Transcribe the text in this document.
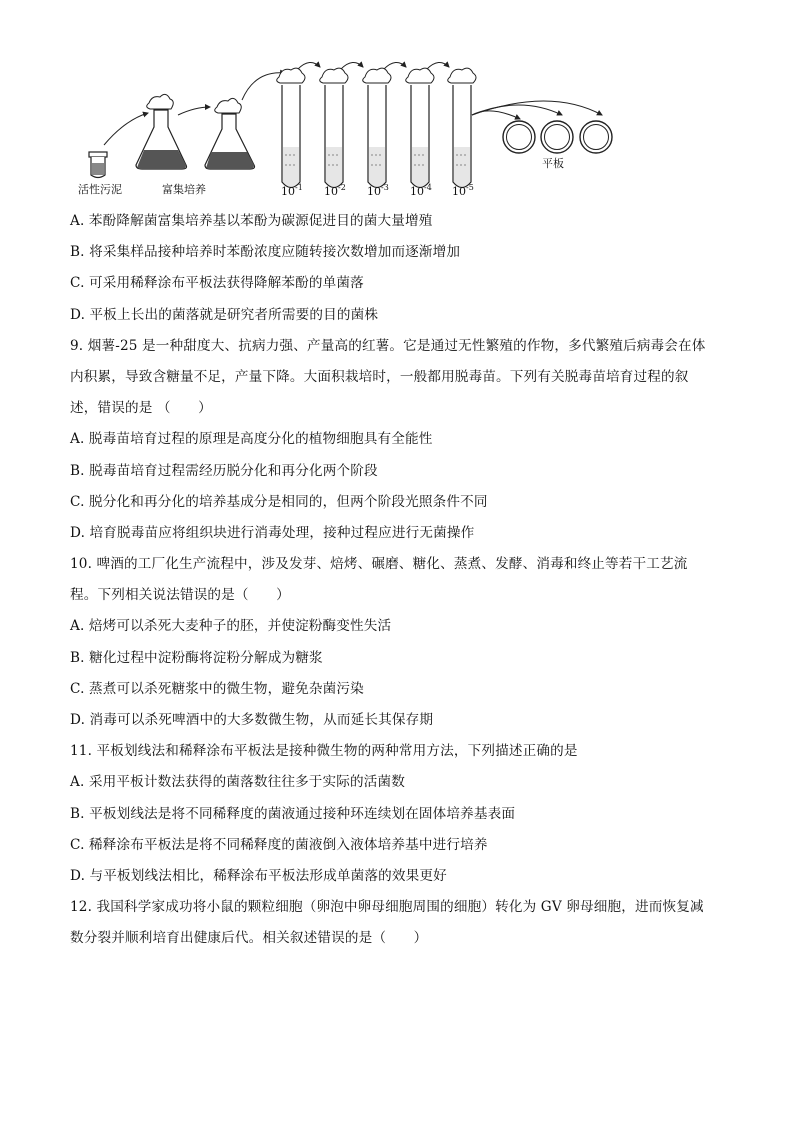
活性污泥	富集培养
平板
$10^{-1}$ $10^{-2}$ $10^{-3}$ $10^{-4}$ $10^{-5}$
A. 苯酚降解菌富集培养基以苯酚为碳源促进目的菌大量增殖
B. 将采集样品接种培养时苯酚浓度应随转接次数增加而逐渐增加
C. 可采用稀释涂布平板法获得降解苯酚的单菌落
D. 平板上长出的菌落就是研究者所需要的目的菌株
9. 烟薯-25 是一种甜度大、抗病力强、产量高的红薯。它是通过无性繁殖的作物，多代繁殖后病毒会在体
内积累，导致含糖量不足，产量下降。大面积栽培时，一般都用脱毒苗。下列有关脱毒苗培育过程的叙
述，错误的是 （　　）
A. 脱毒苗培育过程的原理是高度分化的植物细胞具有全能性
B. 脱毒苗培育过程需经历脱分化和再分化两个阶段
C. 脱分化和再分化的培养基成分是相同的，但两个阶段光照条件不同
D. 培育脱毒苗应将组织块进行消毒处理，接种过程应进行无菌操作
10. 啤酒的工厂化生产流程中，涉及发芽、焙烤、碾磨、糖化、蒸煮、发酵、消毒和终止等若干工艺流
程。下列相关说法错误的是（　　）
A. 焙烤可以杀死大麦种子的胚，并使淀粉酶变性失活
B. 糖化过程中淀粉酶将淀粉分解成为糖浆
C. 蒸煮可以杀死糖浆中的微生物，避免杂菌污染
D. 消毒可以杀死啤酒中的大多数微生物，从而延长其保存期
11. 平板划线法和稀释涂布平板法是接种微生物的两种常用方法，下列描述正确的是
A. 采用平板计数法获得的菌落数往往多于实际的活菌数
B. 平板划线法是将不同稀释度的菌液通过接种环连续划在固体培养基表面
C. 稀释涂布平板法是将不同稀释度的菌液倒入液体培养基中进行培养
D. 与平板划线法相比，稀释涂布平板法形成单菌落的效果更好
12. 我国科学家成功将小鼠的颗粒细胞（卵泡中卵母细胞周围的细胞）转化为 GV 卵母细胞，进而恢复减
数分裂并顺利培育出健康后代。相关叙述错误的是（　　）
